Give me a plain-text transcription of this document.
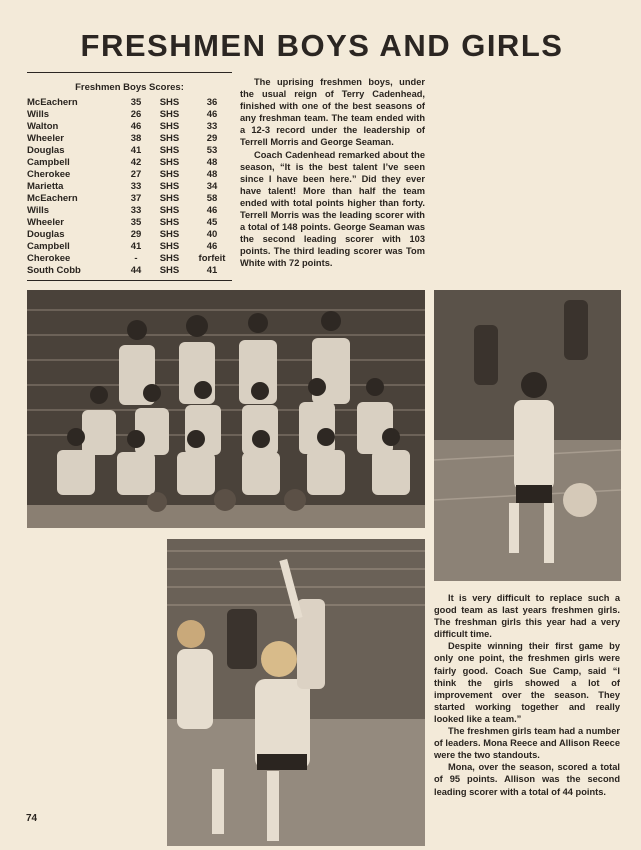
FRESHMEN BOYS AND GIRLS
Freshmen Boys Scores:
McEachern	35	SHS	36
Wills	26	SHS	46
Walton	46	SHS	33
Wheeler	38	SHS	29
Douglas	41	SHS	53
Campbell	42	SHS	48
Cherokee	27	SHS	48
Marietta	33	SHS	34
McEachern	37	SHS	58
Wills	33	SHS	46
Wheeler	35	SHS	45
Douglas	29	SHS	40
Campbell	41	SHS	46
Cherokee	-	SHS	forfeit
South Cobb	44	SHS	41

The uprising freshmen boys, under the usual reign of Terry Cadenhead, finished with one of the best seasons of any freshman team. The team ended with a 12-3 record under the leadership of Terrell Morris and George Seaman.

Coach Cadenhead remarked about the season, “It is the best talent I’ve seen since I have been here.” Did they ever have talent! More than half the team ended with total points higher than forty. Terrell Morris was the leading scorer with a total of 148 points. George Seaman was the second leading scorer with 103 points. The third leading scorer was Tom White with 72 points.

It is very difficult to replace such a good team as last years freshmen girls. The freshman girls this year had a very difficult time.

Despite winning their first game by only one point, the freshmen girls were fairly good. Coach Sue Camp, said “I think the girls showed a lot of improvement over the season. They started working together and really looked like a team.”

The freshmen girls team had a number of leaders. Mona Reece and Allison Reece were the two standouts.

Mona, over the season, scored a total of 95 points. Allison was the second leading scorer with a total of 44 points.

74
